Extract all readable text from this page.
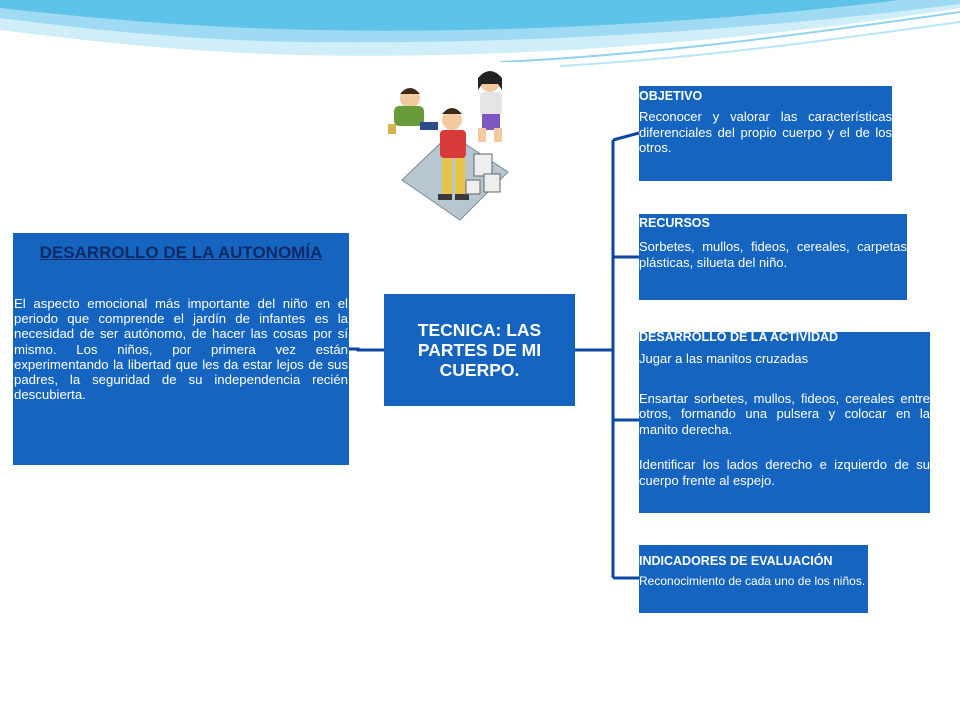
DESARROLLO DE LA AUTONOMÍA
El aspecto emocional más importante del niño en el periodo que comprende el jardín de infantes es la necesidad de ser autónomo, de hacer las cosas por sí mismo. Los niños, por primera vez están experimentando la libertad que les da estar lejos de sus padres, la seguridad de su independencia recién descubierta.
TECNICA: LAS PARTES DE MI CUERPO.
OBJETIVO
Reconocer y valorar las características diferenciales del propio cuerpo y el de los otros.
RECURSOS
Sorbetes, mullos, fideos, cereales, carpetas plásticas, silueta del niño.
DESARROLLO DE LA ACTIVIDAD
Jugar a las manitos cruzadas
Ensartar sorbetes, mullos, fideos, cereales entre otros, formando una pulsera y colocar en la manito derecha.
Identificar los lados derecho e izquierdo de su cuerpo frente al espejo.
INDICADORES DE EVALUACIÓN
Reconocimiento de cada uno de los niños.
